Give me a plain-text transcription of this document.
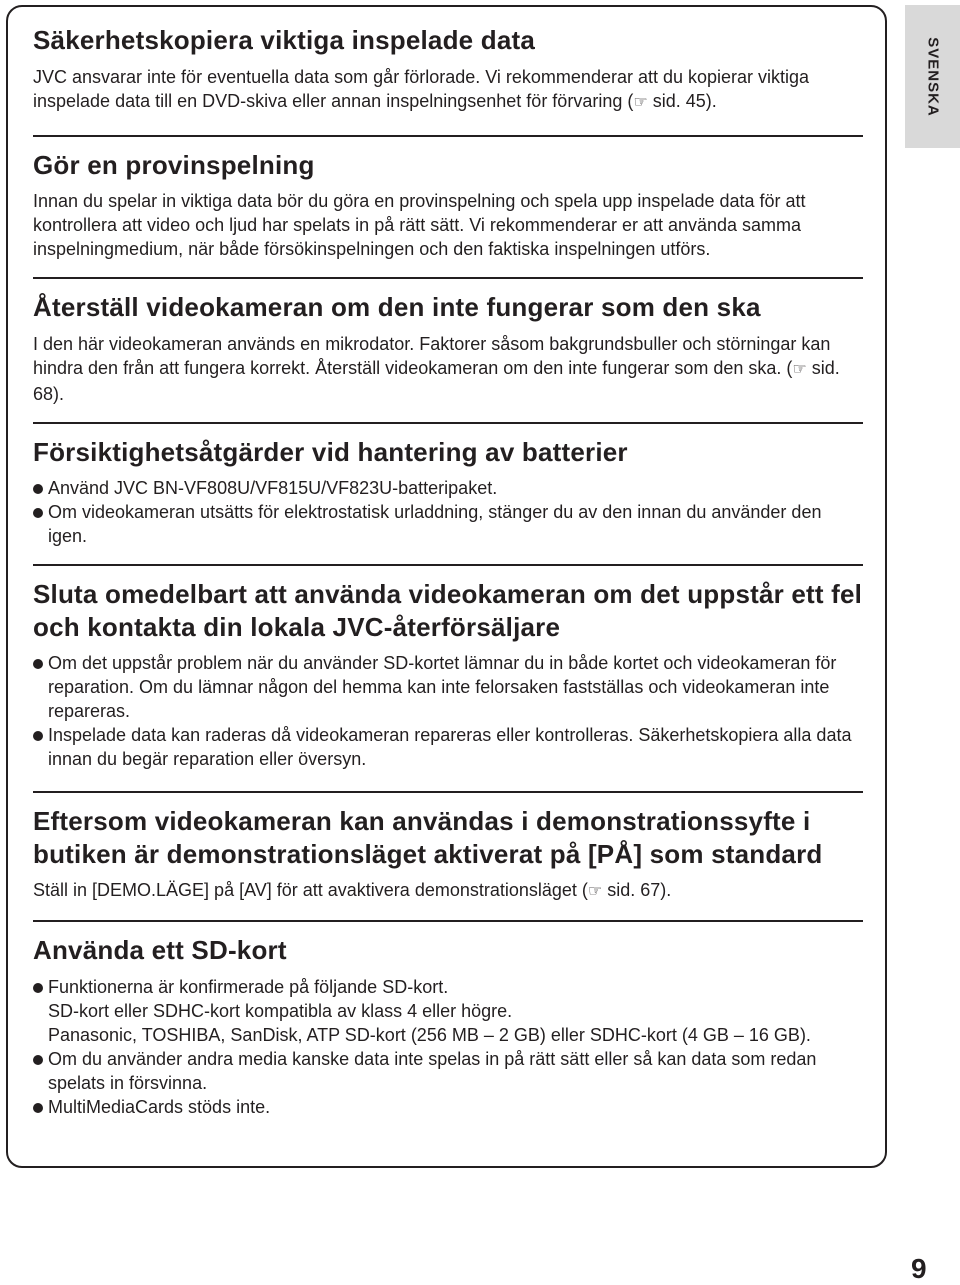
SVENSKA
Säkerhetskopiera viktiga inspelade data

JVC ansvarar inte för eventuella data som går förlorade. Vi rekommenderar att du kopierar viktiga inspelade data till en DVD-skiva eller annan inspelningsenhet för förvaring (☞ sid. 45).

Gör en provinspelning

Innan du spelar in viktiga data bör du göra en provinspelning och spela upp inspelade data för att kontrollera att video och ljud har spelats in på rätt sätt. Vi rekommenderar er att använda samma inspelningmedium, när både försökinspelningen och den faktiska inspelningen utförs.

Återställ videokameran om den inte fungerar som den ska

I den här videokameran används en mikrodator. Faktorer såsom bakgrundsbuller och störningar kan hindra den från att fungera korrekt. Återställ videokameran om den inte fungerar som den ska. (☞ sid. 68).

Försiktighetsåtgärder vid hantering av batterier
Använd JVC BN-VF808U/VF815U/VF823U-batteripaket.
Om videokameran utsätts för elektrostatisk urladdning, stänger du av den innan du använder den igen.
Sluta omedelbart att använda videokameran om det uppstår ett fel och kontakta din lokala JVC-återförsäljare
Om det uppstår problem när du använder SD-kortet lämnar du in både kortet och videokameran för reparation. Om du lämnar någon del hemma kan inte felorsaken fastställas och videokameran inte repareras.
Inspelade data kan raderas då videokameran repareras eller kontrolleras. Säkerhetskopiera alla data innan du begär reparation eller översyn.
Eftersom videokameran kan användas i demonstrationssyfte i butiken är demonstrationsläget aktiverat på [PÅ] som standard

Ställ in [DEMO.LÄGE] på [AV] för att avaktivera demonstrationsläget (☞ sid. 67).

Använda ett SD-kort
Funktionerna är konfirmerade på följande SD-kort.
SD-kort eller SDHC-kort kompatibla av klass 4 eller högre.
Panasonic, TOSHIBA, SanDisk, ATP SD-kort (256 MB – 2 GB) eller SDHC-kort (4 GB – 16 GB).
Om du använder andra media kanske data inte spelas in på rätt sätt eller så kan data som redan spelats in försvinna.
MultiMediaCards stöds inte.
9
